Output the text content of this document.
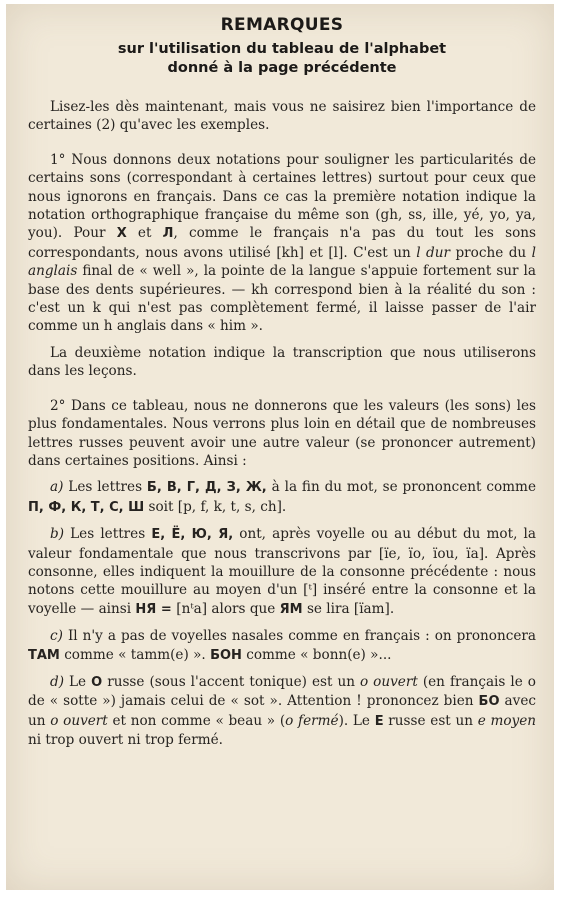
REMARQUES
sur l'utilisation du tableau de l'alphabet
donné à la page précédente

Lisez-les dès maintenant, mais vous ne saisirez bien l'importance de certaines (2) qu'avec les exemples.

1° Nous donnons deux notations pour souligner les particularités de certains sons (correspondant à certaines lettres) surtout pour ceux que nous ignorons en français. Dans ce cas la première notation indique la notation orthographique française du même son (gh, ss, ille, yé, yo, ya, you). Pour X et Л, comme le français n'a pas du tout les sons correspondants, nous avons utilisé [kh] et [l]. C'est un l dur proche du l anglais final de « well », la pointe de la langue s'appuie fortement sur la base des dents supérieures. — kh correspond bien à la réalité du son : c'est un k qui n'est pas complètement fermé, il laisse passer de l'air comme un h anglais dans « him ».

La deuxième notation indique la transcription que nous utiliserons dans les leçons.

2° Dans ce tableau, nous ne donnerons que les valeurs (les sons) les plus fondamentales. Nous verrons plus loin en détail que de nombreuses lettres russes peuvent avoir une autre valeur (se prononcer autrement) dans certaines positions. Ainsi :

a) Les lettres Б, В, Г, Д, З, Ж, à la fin du mot, se prononcent comme П, Ф, К, Т, С, Ш soit [p, f, k, t, s, ch].

b) Les lettres Е, Ё, Ю, Я, ont, après voyelle ou au début du mot, la valeur fondamentale que nous transcrivons par [ïe, ïo, ïou, ïa]. Après consonne, elles indiquent la mouillure de la consonne précédente : nous notons cette mouillure au moyen d'un [ᵗ] inséré entre la consonne et la voyelle — ainsi НЯ = [nᵗa] alors que ЯМ se lira [ïam].

c) Il n'y a pas de voyelles nasales comme en français : on prononcera ТАМ comme « tamm(e) ». БОН comme « bonn(e) »...

d) Le О russe (sous l'accent tonique) est un o ouvert (en français le o de « sotte ») jamais celui de « sot ». Attention ! prononcez bien БО avec un o ouvert et non comme « beau » (o fermé). Le Е russe est un e moyen ni trop ouvert ni trop fermé.
